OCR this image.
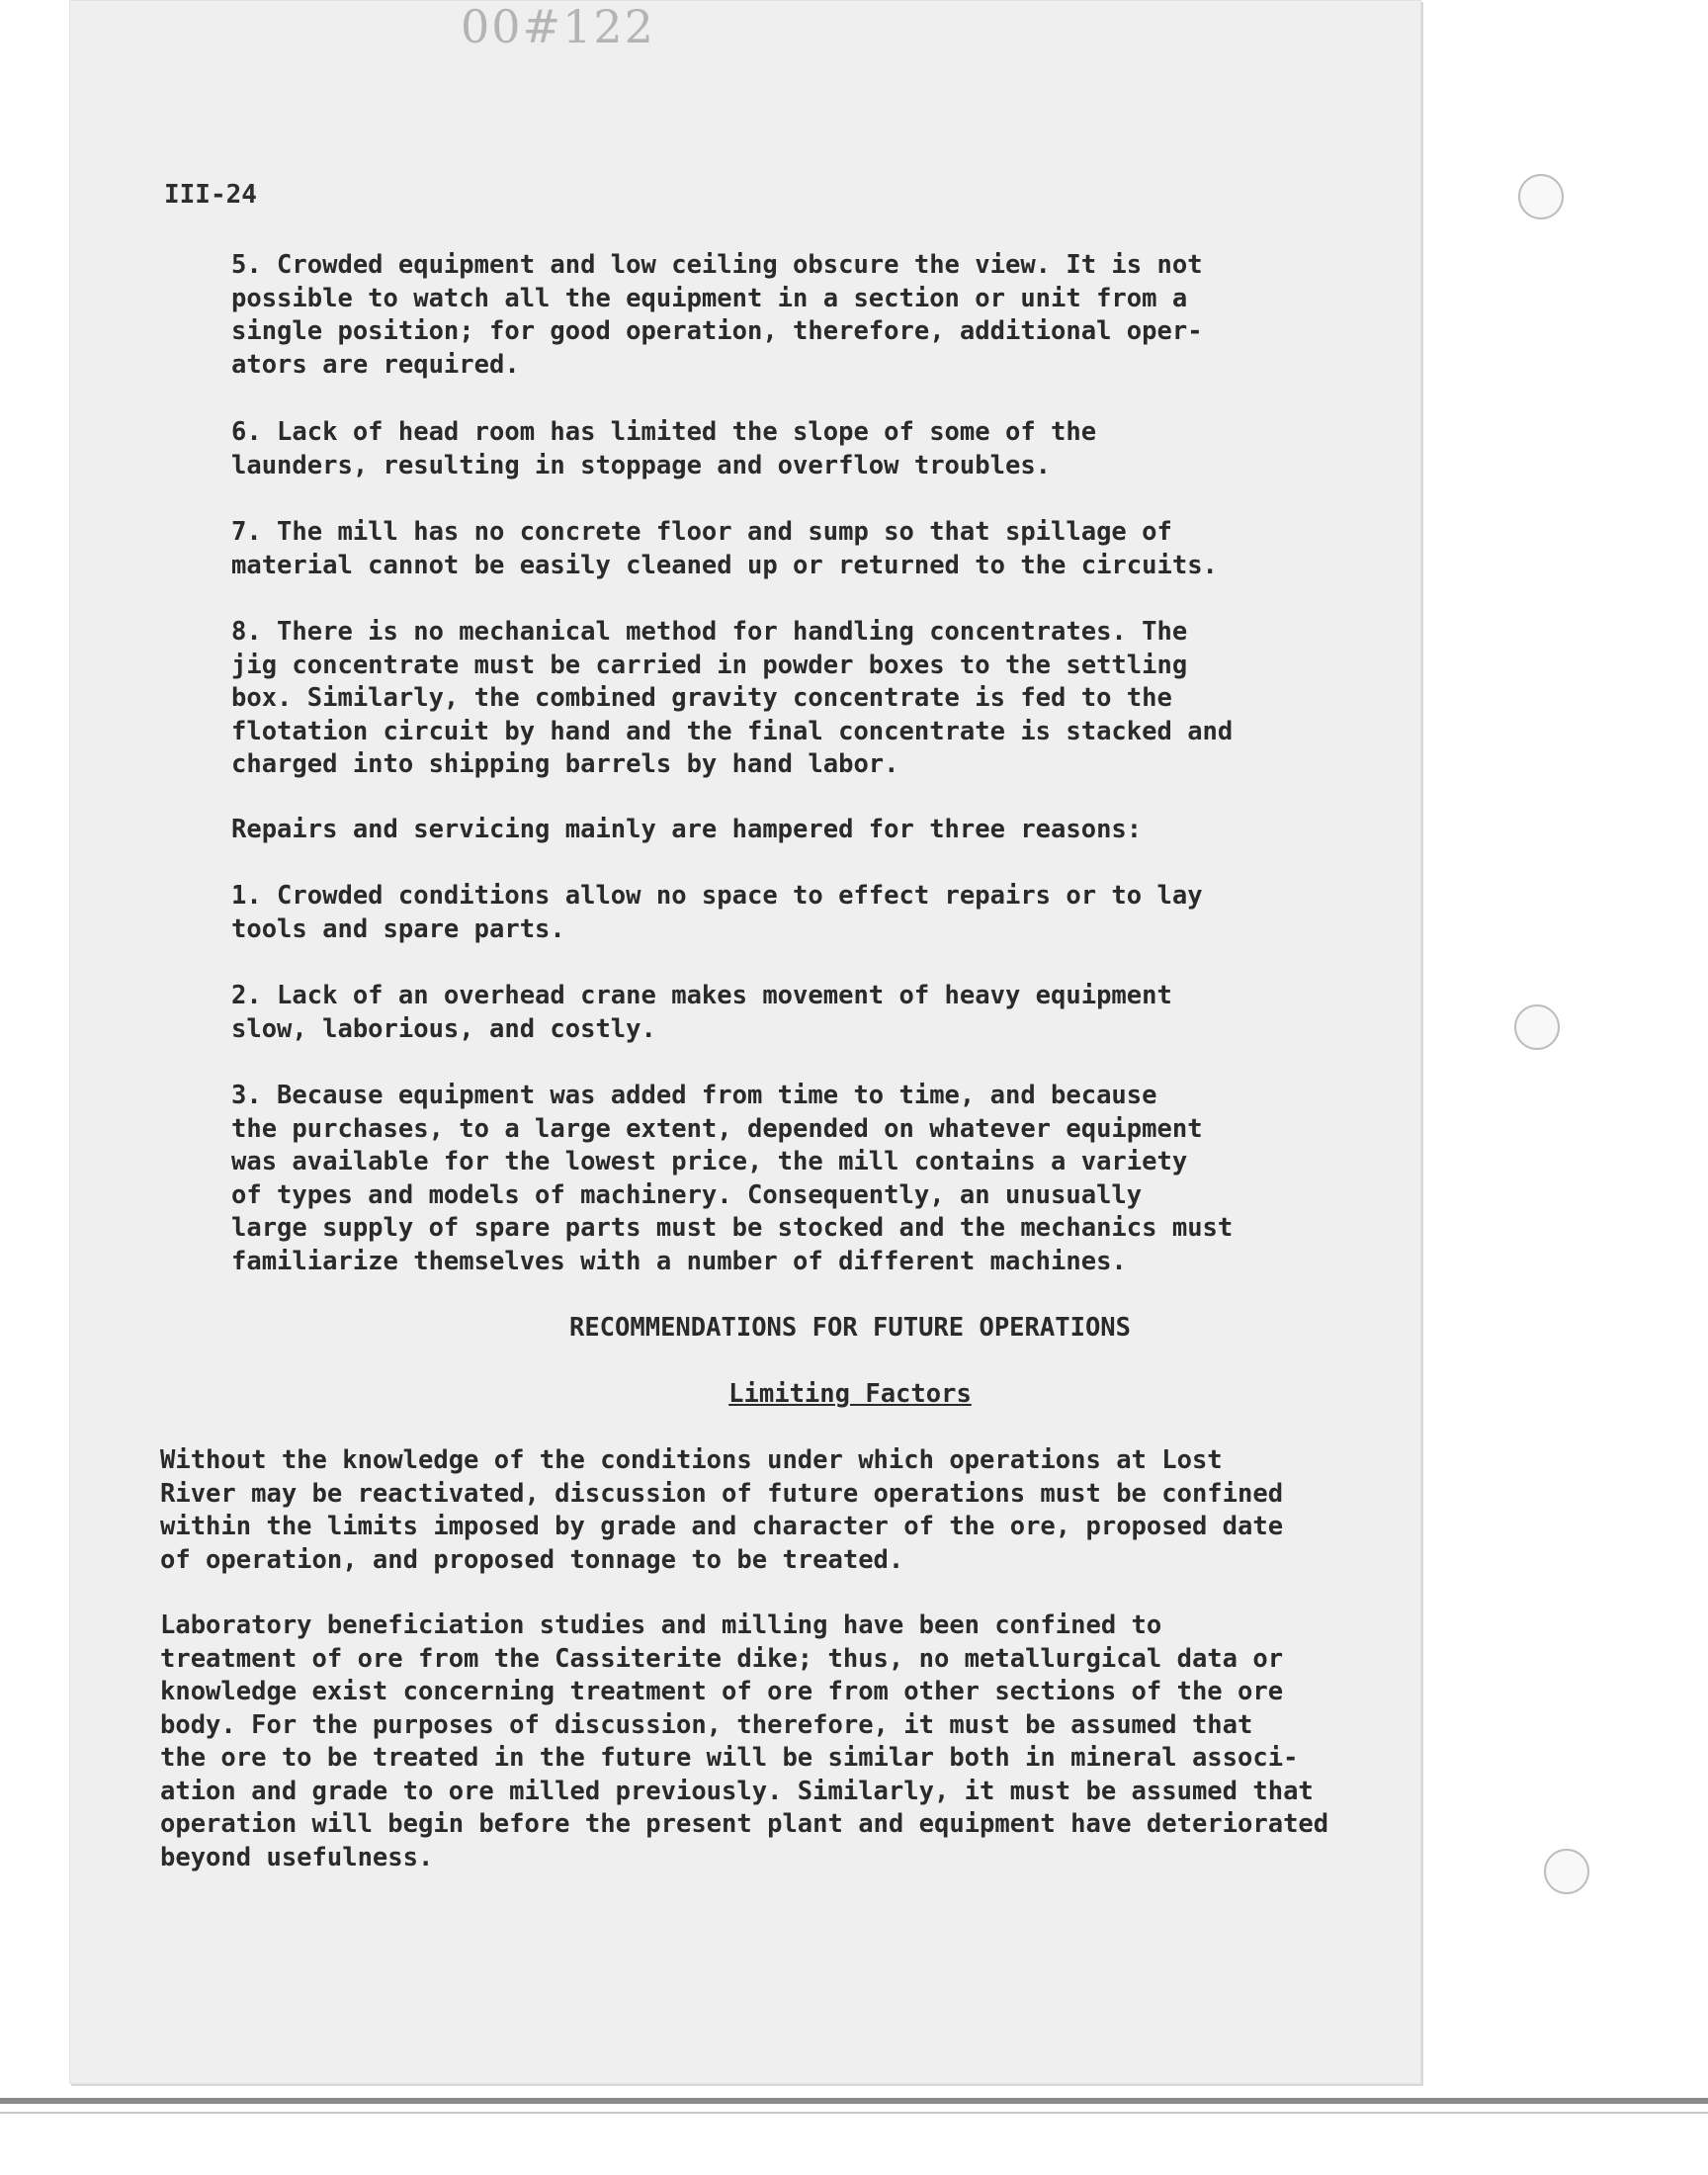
00#122

III-24

5. Crowded equipment and low ceiling obscure the view. It is not
possible to watch all the equipment in a section or unit from a
single position; for good operation, therefore, additional oper-
ators are required.

6. Lack of head room has limited the slope of some of the
launders, resulting in stoppage and overflow troubles.

7. The mill has no concrete floor and sump so that spillage of
material cannot be easily cleaned up or returned to the circuits.

8. There is no mechanical method for handling concentrates. The
jig concentrate must be carried in powder boxes to the settling
box. Similarly, the combined gravity concentrate is fed to the
flotation circuit by hand and the final concentrate is stacked and
charged into shipping barrels by hand labor.

Repairs and servicing mainly are hampered for three reasons:

1. Crowded conditions allow no space to effect repairs or to lay
tools and spare parts.

2. Lack of an overhead crane makes movement of heavy equipment
slow, laborious, and costly.

3. Because equipment was added from time to time, and because
the purchases, to a large extent, depended on whatever equipment
was available for the lowest price, the mill contains a variety
of types and models of machinery. Consequently, an unusually
large supply of spare parts must be stocked and the mechanics must
familiarize themselves with a number of different machines.

RECOMMENDATIONS FOR FUTURE OPERATIONS
Limiting Factors

Without the knowledge of the conditions under which operations at Lost
River may be reactivated, discussion of future operations must be confined
within the limits imposed by grade and character of the ore, proposed date
of operation, and proposed tonnage to be treated.

Laboratory beneficiation studies and milling have been confined to
treatment of ore from the Cassiterite dike; thus, no metallurgical data or
knowledge exist concerning treatment of ore from other sections of the ore
body. For the purposes of discussion, therefore, it must be assumed that
the ore to be treated in the future will be similar both in mineral associ-
ation and grade to ore milled previously. Similarly, it must be assumed that
operation will begin before the present plant and equipment have deteriorated
beyond usefulness.
